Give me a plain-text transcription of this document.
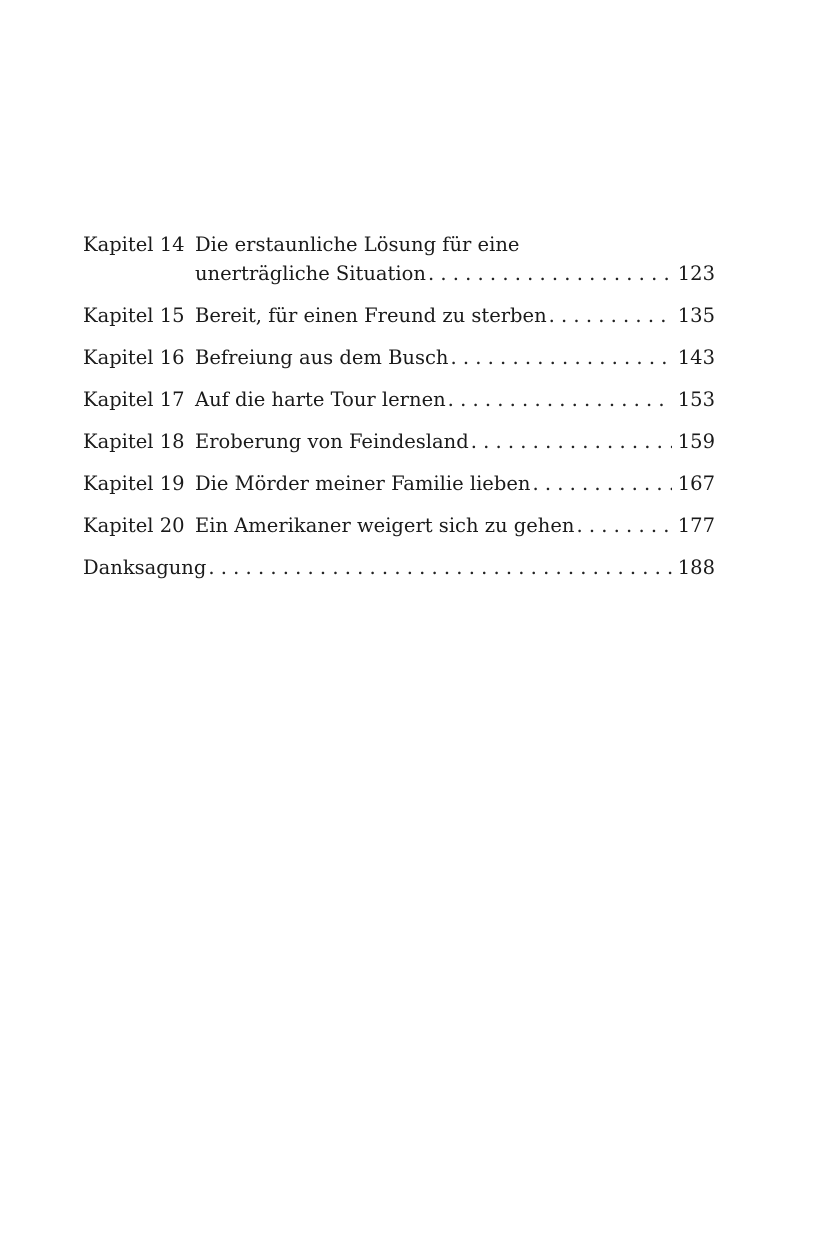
Kapitel 14 Die erstaunliche Lösung für eine
unerträgliche Situation . . .	123
Kapitel 15 Bereit, für einen Freund zu sterben . . .	135
Kapitel 16 Befreiung aus dem Busch . . .	143
Kapitel 17 Auf die harte Tour lernen . . .	153
Kapitel 18 Eroberung von Feindesland . . .	159
Kapitel 19 Die Mörder meiner Familie lieben . . .	167
Kapitel 20 Ein Amerikaner weigert sich zu gehen . . .	177
Danksagung . . .	188
